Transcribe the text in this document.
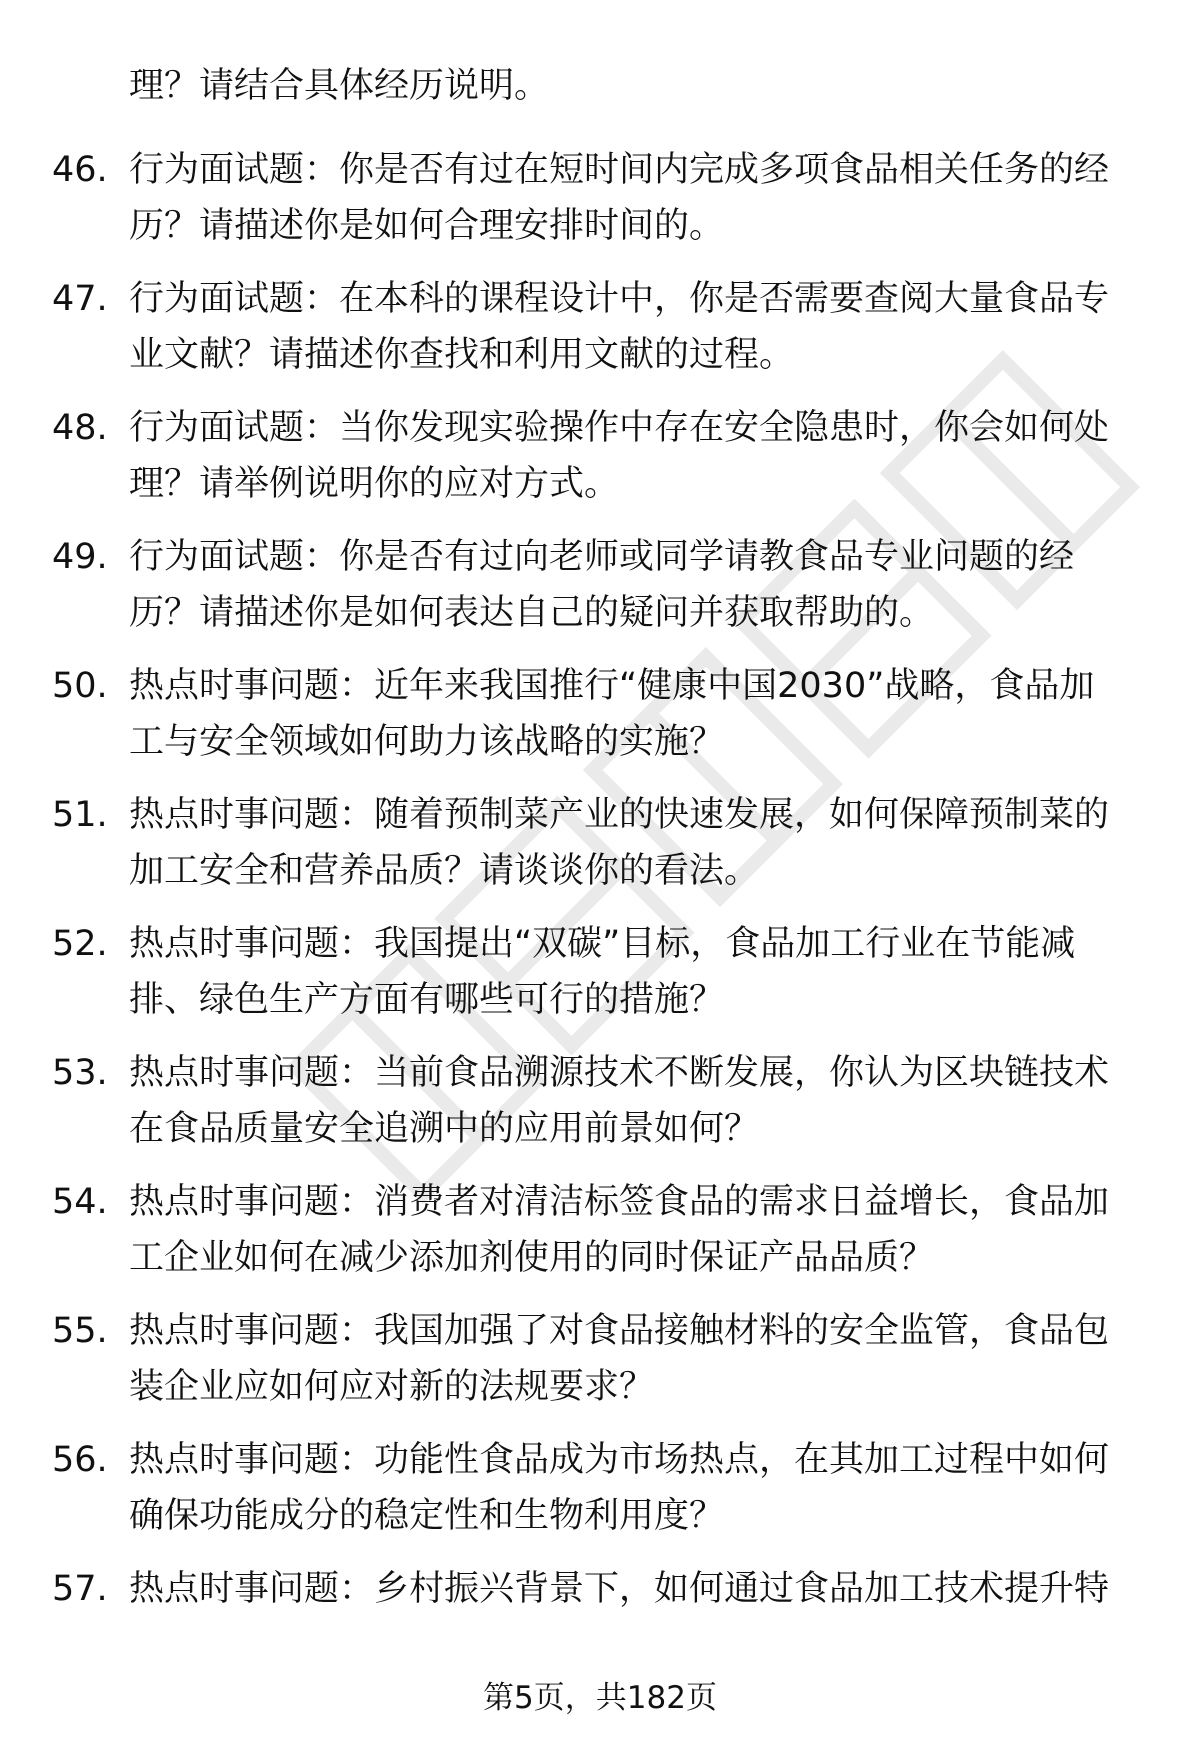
理？请结合具体经历说明。
46. 行为面试题：你是否有过在短时间内完成多项食品相关任务的经
历？请描述你是如何合理安排时间的。
47. 行为面试题：在本科的课程设计中，你是否需要查阅大量食品专
业文献？请描述你查找和利用文献的过程。
48. 行为面试题：当你发现实验操作中存在安全隐患时，你会如何处
理？请举例说明你的应对方式。
49. 行为面试题：你是否有过向老师或同学请教食品专业问题的经
历？请描述你是如何表达自己的疑问并获取帮助的。
50. 热点时事问题：近年来我国推行“健康中国2030”战略，食品加
工与安全领域如何助力该战略的实施？
51. 热点时事问题：随着预制菜产业的快速发展，如何保障预制菜的
加工安全和营养品质？请谈谈你的看法。
52. 热点时事问题：我国提出“双碳”目标，食品加工行业在节能减
排、绿色生产方面有哪些可行的措施？
53. 热点时事问题：当前食品溯源技术不断发展，你认为区块链技术
在食品质量安全追溯中的应用前景如何？
54. 热点时事问题：消费者对清洁标签食品的需求日益增长，食品加
工企业如何在减少添加剂使用的同时保证产品品质？
55. 热点时事问题：我国加强了对食品接触材料的安全监管，食品包
装企业应如何应对新的法规要求？
56. 热点时事问题：功能性食品成为市场热点，在其加工过程中如何
确保功能成分的稳定性和生物利用度？
57. 热点时事问题：乡村振兴背景下，如何通过食品加工技术提升特
第5页，共182页
